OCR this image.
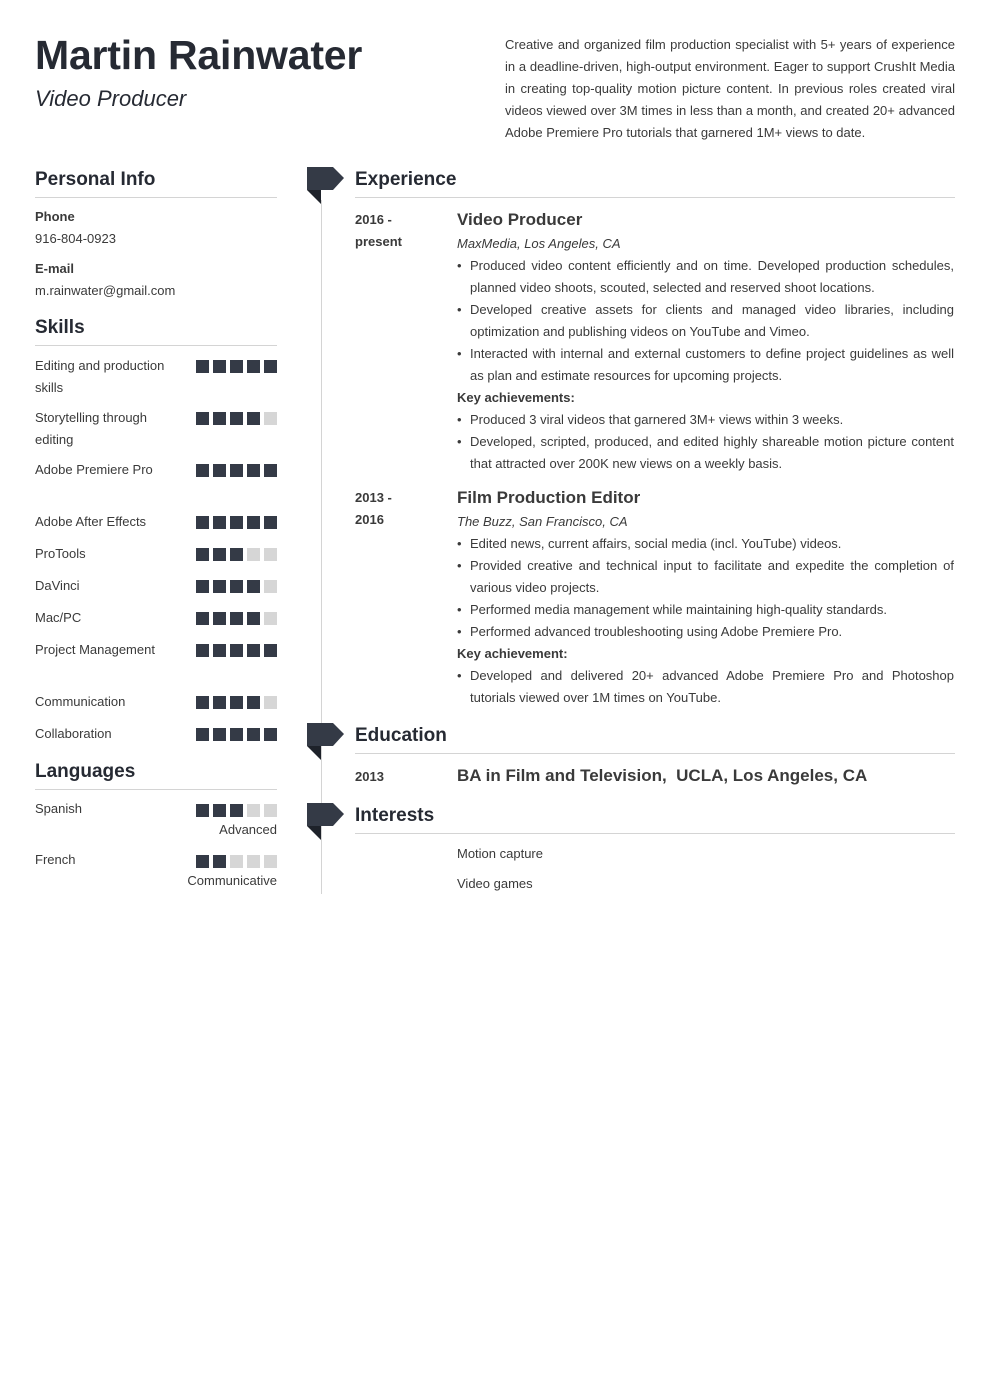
Martin Rainwater
Video Producer
Creative and organized film production specialist with 5+ years of experience in a deadline-driven, high-output environment. Eager to support CrushIt Media in creating top-quality motion picture content. In previous roles created viral videos viewed over 3M times in less than a month, and created 20+ advanced Adobe Premiere Pro tutorials that garnered 1M+ views to date.
Personal Info
Phone
916-804-0923
E-mail
m.rainwater@gmail.com
Skills
Editing and production skills
Storytelling through editing
Adobe Premiere Pro
Adobe After Effects
ProTools
DaVinci
Mac/PC
Project Management
Communication
Collaboration
Languages
Spanish
Advanced
French
Communicative
Experience
2016 -
present
Video Producer
MaxMedia, Los Angeles, CA
• Produced video content efficiently and on time. Developed production schedules, planned video shoots, scouted, selected and reserved shoot locations.
• Developed creative assets for clients and managed video libraries, including optimization and publishing videos on YouTube and Vimeo.
• Interacted with internal and external customers to define project guidelines as well as plan and estimate resources for upcoming projects.
Key achievements:
• Produced 3 viral videos that garnered 3M+ views within 3 weeks.
• Developed, scripted, produced, and edited highly shareable motion picture content that attracted over 200K new views on a weekly basis.
2013 -
2016
Film Production Editor
The Buzz, San Francisco, CA
• Edited news, current affairs, social media (incl. YouTube) videos.
• Provided creative and technical input to facilitate and expedite the completion of various video projects.
• Performed media management while maintaining high-quality standards.
• Performed advanced troubleshooting using Adobe Premiere Pro.
Key achievement:
• Developed and delivered 20+ advanced Adobe Premiere Pro and Photoshop tutorials viewed over 1M times on YouTube.
Education
2013	BA in Film and Television,  UCLA, Los Angeles, CA
Interests
Motion capture
Video games
